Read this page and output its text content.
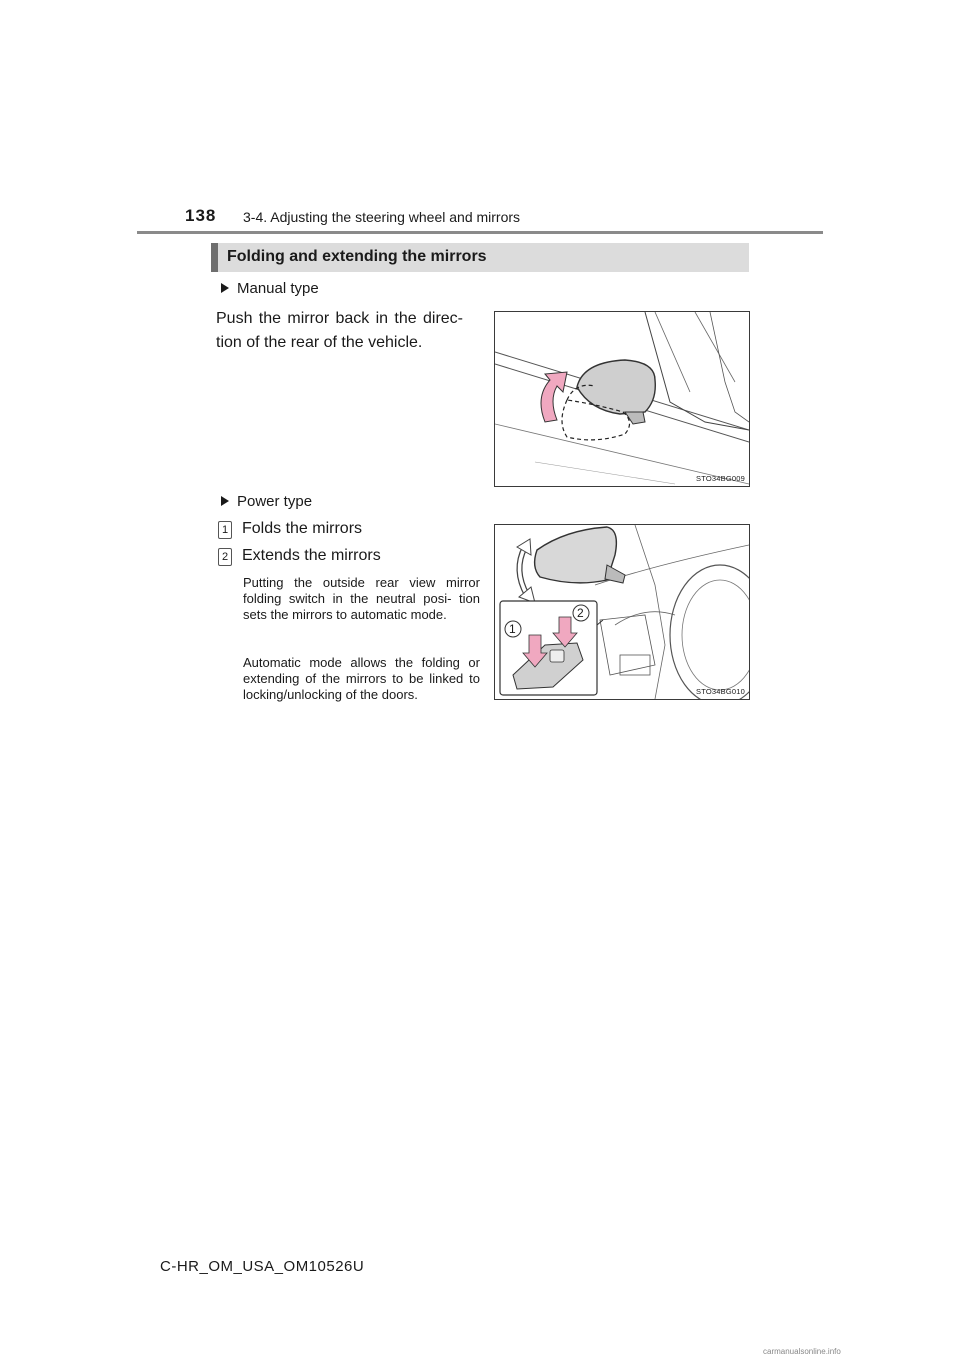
138 3-4. Adjusting the steering wheel and mirrors
Folding and extending the mirrors
Manual type
Push the mirror back in the direc- tion of the rear of the vehicle.
STO34BG009
Power type
1 Folds the mirrors
2 Extends the mirrors
Putting the outside rear view mirror folding switch in the neutral posi- tion sets the mirrors to automatic mode.
Automatic mode allows the folding or extending of the mirrors to be linked to locking/unlocking of the doors.
1
2
STO34BG010
C-HR_OM_USA_OM10526U
carmanualsonline.info
